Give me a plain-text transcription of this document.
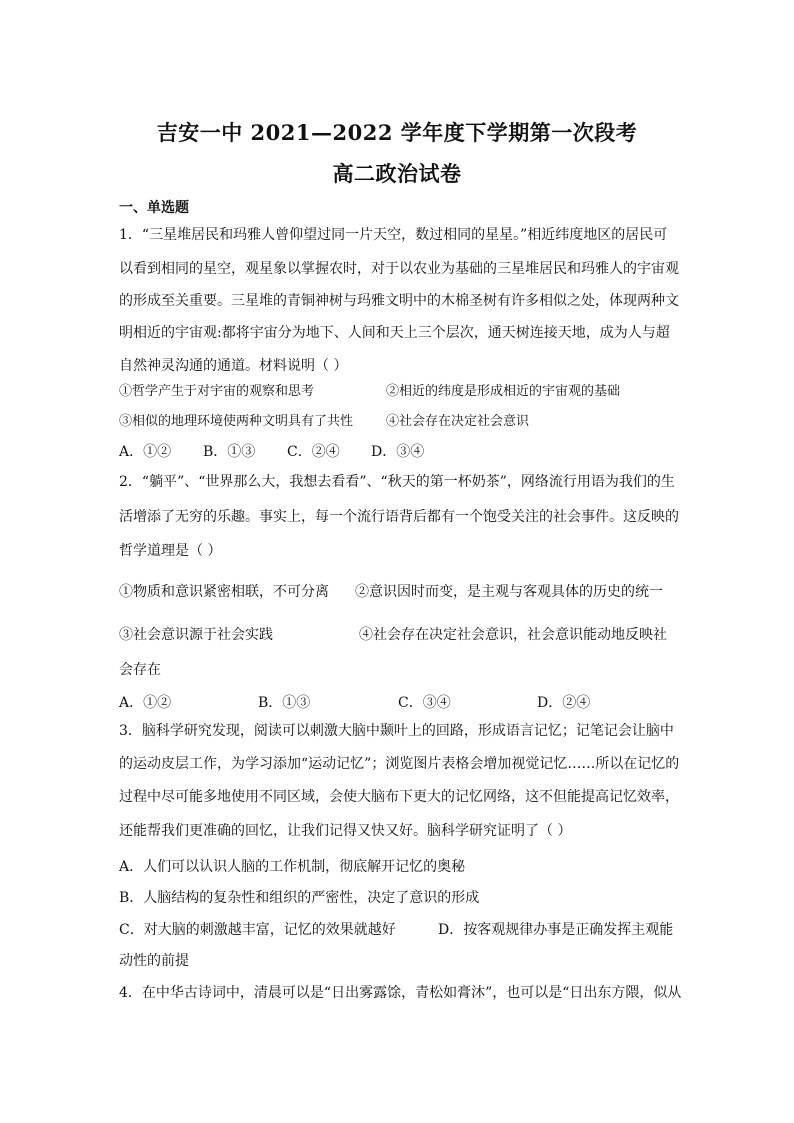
吉安一中 2021—2022 学年度下学期第一次段考
高二政治试卷
一、单选题
1．“三星堆居民和玛雅人曾仰望过同一片天空，数过相同的星星。”相近纬度地区的居民可
以看到相同的星空，观星象以掌握农时，对于以农业为基础的三星堆居民和玛雅人的宇宙观
的形成至关重要。三星堆的青铜神树与玛雅文明中的木棉圣树有许多相似之处，体现两种文
明相近的宇宙观:都将宇宙分为地下、人间和天上三个层次，通天树连接天地，成为人与超
自然神灵沟通的通道。材料说明（ ）
①哲学产生于对宇宙的观察和思考	②相近的纬度是形成相近的宇宙观的基础
③相似的地理环境使两种文明具有了共性	④社会存在决定社会意识
A．①② B．①③ C．②④ D．③④
2．“躺平”、“世界那么大，我想去看看”、“秋天的第一杯奶茶”，网络流行用语为我们的生
活增添了无穷的乐趣。事实上，每一个流行语背后都有一个饱受关注的社会事件。这反映的
哲学道理是（ ）
①物质和意识紧密相联，不可分离 ②意识因时而变，是主观与客观具体的历史的统一
③社会意识源于社会实践	④社会存在决定社会意识，社会意识能动地反映社
会存在
A．①②	B．①③	C．③④	D．②④
3．脑科学研究发现，阅读可以刺激大脑中颞叶上的回路，形成语言记忆；记笔记会让脑中
的运动皮层工作，为学习添加“运动记忆”；浏览图片表格会增加视觉记忆……所以在记忆的
过程中尽可能多地使用不同区域，会使大脑布下更大的记忆网络，这不但能提高记忆效率，
还能帮我们更准确的回忆，让我们记得又快又好。脑科学研究证明了（ ）
A．人们可以认识人脑的工作机制，彻底解开记忆的奥秘
B．人脑结构的复杂性和组织的严密性，决定了意识的形成
C．对大脑的刺激越丰富，记忆的效果就越好	D．按客观规律办事是正确发挥主观能
动性的前提
4．在中华古诗词中，清晨可以是“日出雾露馀，青松如膏沐”，也可以是“日出东方隈，似从
